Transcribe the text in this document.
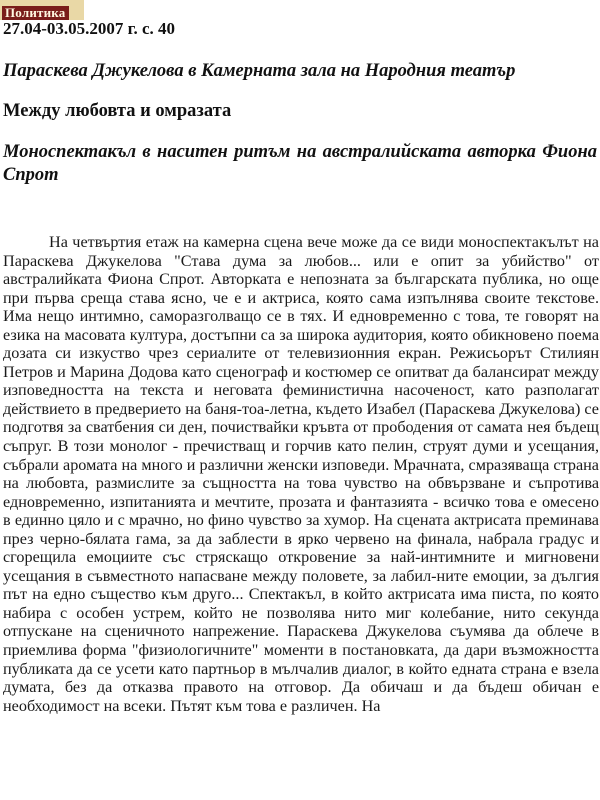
Политика
27.04-03.05.2007 г. с. 40
Параскева Джукелова в Камерната зала на Народния театър
Между любовта и омразата
Моноспектакъл в наситен ритъм на австралийската авторка Фиона Спрот

На четвъртия етаж на камерна сцена вече може да се види моноспектакълът на Параскева Джукелова "Става дума за любов... или е опит за убийство" от австралийката Фиона Спрот. Авторката е непозната за българската публика, но още при първа среща става ясно, че е и актриса, която сама изпълнява своите текстове. Има нещо интимно, саморазголващо се в тях. И едновременно с това, те говорят на езика на масовата култура, достъпни са за широка аудитория, която обикновено поема дозата си изкуство чрез сериалите от телевизионния екран. Режисьорът Стилиян Петров и Марина Додова като сценограф и костюмер се опитват да балансират между изповедността на текста и неговата феминистична насоченост, като разполагат действието в предверието на баня-тоа-летна, където Изабел (Параскева Джукелова) се подготвя за сватбения си ден, почиствайки кръвта от прободения от самата нея бъдещ съпруг. В този монолог - пречистващ и горчив като пелин, струят думи и усещания, събрали аромата на много и различни женски изповеди. Мрачната, смразяваща страна на любовта, размислите за същността на това чувство на обвързване и съпротива едновременно, изпитанията и мечтите, прозата и фантазията - всичко това е омесено в единно цяло и с мрачно, но фино чувство за хумор. На сцената актрисата преминава през черно-бялата гама, за да заблести в ярко червено на финала, набрала градус и сгорещила емоциите със стряскащо откровение за най-интимните и мигновени усещания в съвместното напасване между половете, за лабил-ните емоции, за дългия път на едно същество към друго... Спектакъл, в който актрисата има писта, по която набира с особен устрем, който не позволява нито миг колебание, нито секунда отпускане на сценичното напрежение. Параскева Джукелова съумява да облече в приемлива форма "физиологичните" моменти в постановката, да дари възможността публиката да се усети като партньор в мълчалив диалог, в който едната страна е взела думата, без да отказва правото на отговор. Да обичаш и да бъдеш обичан е необходимост на всеки. Пътят към това е различен. На
